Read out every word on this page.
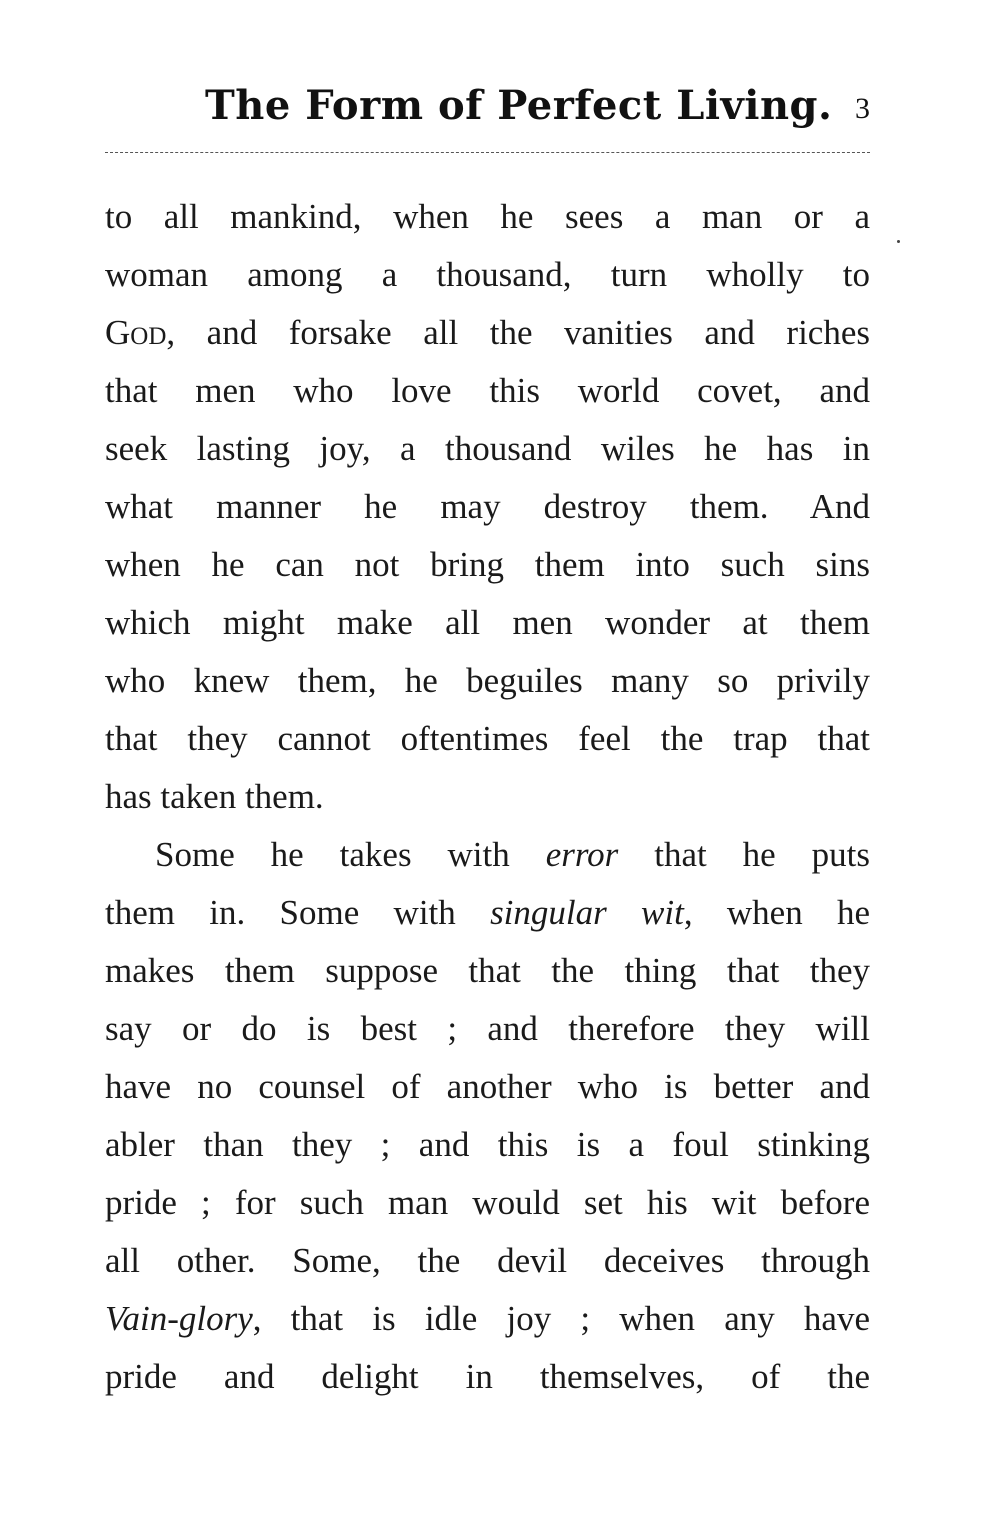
The Form of Perfect Living. 3
to all mankind, when he sees a man or a
woman among a thousand, turn wholly to
God, and forsake all the vanities and riches
that men who love this world covet, and
seek lasting joy, a thousand wiles he has in
what manner he may destroy them. And
when he can not bring them into such sins
which might make all men wonder at them
who knew them, he beguiles many so privily
that they cannot oftentimes feel the trap that
has taken them.
Some he takes with error that he puts
them in. Some with singular wit, when he
makes them suppose that the thing that they
say or do is best ; and therefore they will
have no counsel of another who is better and
abler than they ; and this is a foul stinking
pride ; for such man would set his wit before
all other. Some, the devil deceives through
Vain-glory, that is idle joy ; when any have
pride and delight in themselves, of the
